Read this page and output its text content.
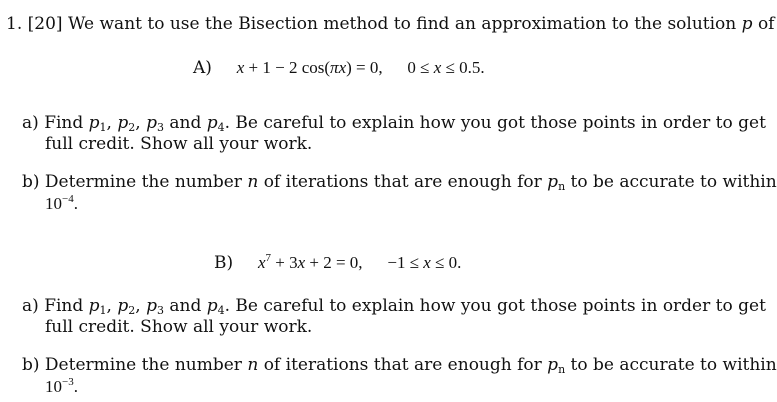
1. [20] We want to use the Bisection method to find an approximation to the solution p of
A) x + 1 − 2 cos(πx) = 0, 0 ≤ x ≤ 0.5.
a) Find $p_1$, $p_2$, $p_3$ and $p_4$. Be careful to explain how you got those points in order to get
full credit. Show all your work.
b) Determine the number n of iterations that are enough for $p_n$ to be accurate to within
$10^{-4}$.
B) $x^7 + 3x + 2 = 0$, −1 ≤ x ≤ 0.
a) Find $p_1$, $p_2$, $p_3$ and $p_4$. Be careful to explain how you got those points in order to get
full credit. Show all your work.
b) Determine the number n of iterations that are enough for $p_n$ to be accurate to within
$10^{-3}$.
